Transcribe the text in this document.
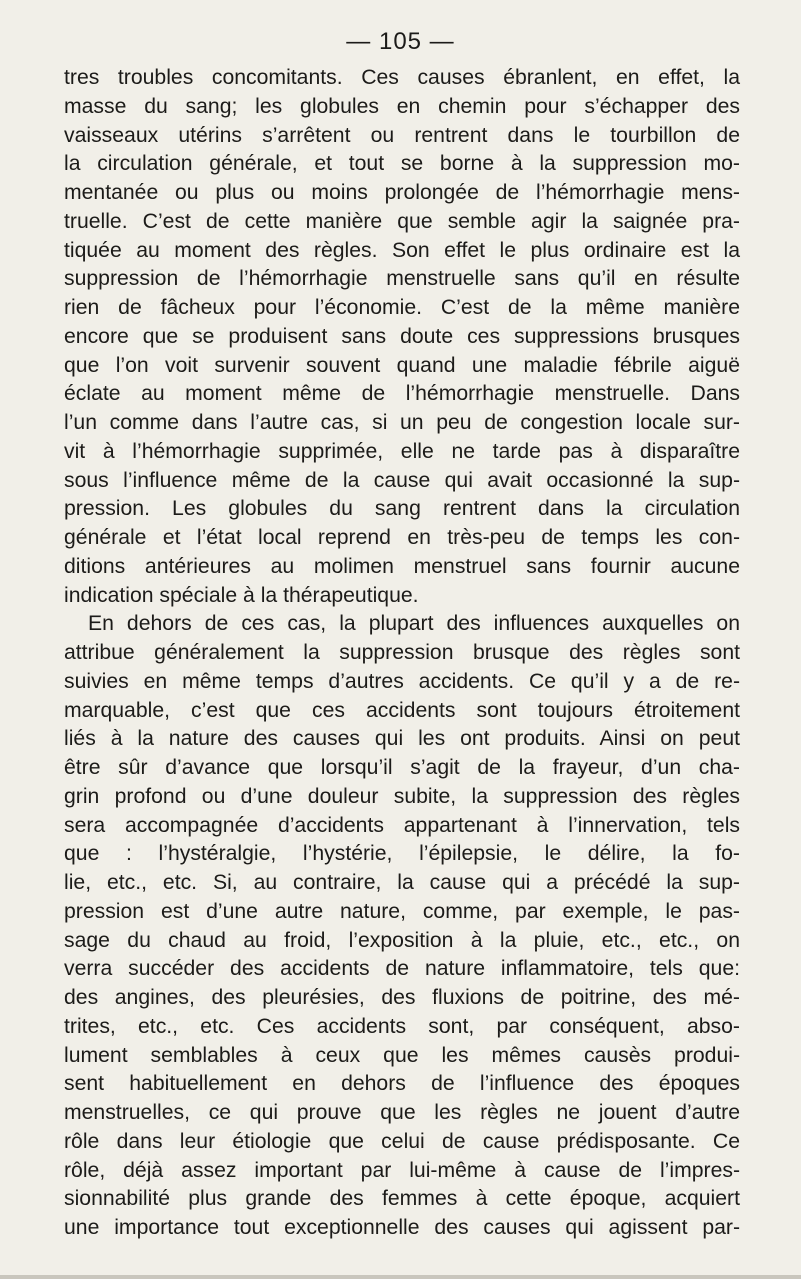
— 105 —
tres troubles concomitants. Ces causes ébranlent, en effet, la
masse du sang; les globules en chemin pour s’échapper des
vaisseaux utérins s’arrêtent ou rentrent dans le tourbillon de
la circulation générale, et tout se borne à la suppression mo-
mentanée ou plus ou moins prolongée de l’hémorrhagie mens-
truelle. C’est de cette manière que semble agir la saignée pra-
tiquée au moment des règles. Son effet le plus ordinaire est la
suppression de l’hémorrhagie menstruelle sans qu’il en résulte
rien de fâcheux pour l’économie. C’est de la même manière
encore que se produisent sans doute ces suppressions brusques
que l’on voit survenir souvent quand une maladie fébrile aiguë
éclate au moment même de l’hémorrhagie menstruelle. Dans
l’un comme dans l’autre cas, si un peu de congestion locale sur-
vit à l’hémorrhagie supprimée, elle ne tarde pas à disparaître
sous l’influence même de la cause qui avait occasionné la sup-
pression. Les globules du sang rentrent dans la circulation
générale et l’état local reprend en très-peu de temps les con-
ditions antérieures au molimen menstruel sans fournir aucune
indication spéciale à la thérapeutique.
En dehors de ces cas, la plupart des influences auxquelles on
attribue généralement la suppression brusque des règles sont
suivies en même temps d’autres accidents. Ce qu’il y a de re-
marquable, c’est que ces accidents sont toujours étroitement
liés à la nature des causes qui les ont produits. Ainsi on peut
être sûr d’avance que lorsqu’il s’agit de la frayeur, d’un cha-
grin profond ou d’une douleur subite, la suppression des règles
sera accompagnée d’accidents appartenant à l’innervation, tels
que : l’hystéralgie, l’hystérie, l’épilepsie, le délire, la fo-
lie, etc., etc. Si, au contraire, la cause qui a précédé la sup-
pression est d’une autre nature, comme, par exemple, le pas-
sage du chaud au froid, l’exposition à la pluie, etc., etc., on
verra succéder des accidents de nature inflammatoire, tels que:
des angines, des pleurésies, des fluxions de poitrine, des mé-
trites, etc., etc. Ces accidents sont, par conséquent, abso-
lument semblables à ceux que les mêmes causès produi-
sent habituellement en dehors de l’influence des époques
menstruelles, ce qui prouve que les règles ne jouent d’autre
rôle dans leur étiologie que celui de cause prédisposante. Ce
rôle, déjà assez important par lui-même à cause de l’impres-
sionnabilité plus grande des femmes à cette époque, acquiert
une importance tout exceptionnelle des causes qui agissent par-
